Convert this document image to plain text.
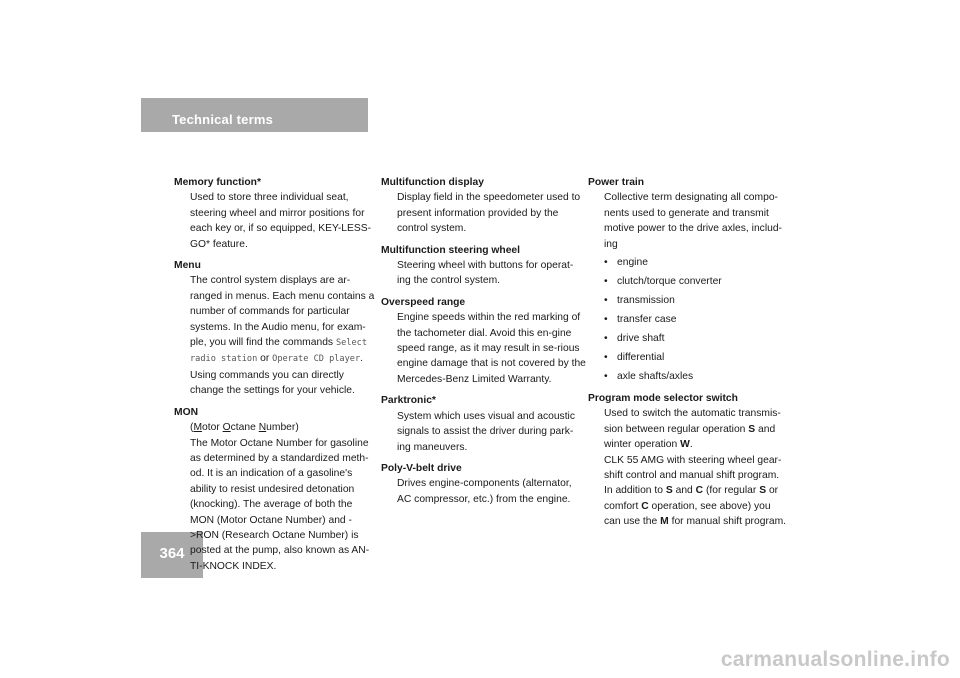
Technical terms
364

Memory function*

Used to store three individual seat, steering wheel and mirror positions for each key or, if so equipped, KEY-LESS-GO* feature.

Menu

The control system displays are ar-ranged in menus. Each menu contains a number of commands for particular systems. In the Audio menu, for exam-ple, you will find the commands Select radio station or Operate CD player.
Using commands you can directly change the settings for your vehicle.

MON

(Motor Octane Number)
The Motor Octane Number for gasoline as determined by a standardized meth-od. It is an indication of a gasoline's ability to resist undesired detonation (knocking). The average of both the MON (Motor Octane Number) and ->RON (Research Octane Number) is posted at the pump, also known as AN-TI-KNOCK INDEX.

Multifunction display

Display field in the speedometer used to present information provided by the control system.

Multifunction steering wheel

Steering wheel with buttons for operat-ing the control system.

Overspeed range

Engine speeds within the red marking of the tachometer dial. Avoid this en-gine speed range, as it may result in se-rious engine damage that is not covered by the Mercedes-Benz Limited Warranty.

Parktronic*

System which uses visual and acoustic signals to assist the driver during park-ing maneuvers.

Poly-V-belt drive

Drives engine-components (alternator, AC compressor, etc.) from the engine.

Power train

Collective term designating all compo-nents used to generate and transmit motive power to the drive axles, includ-ing

• engine
• clutch/torque converter
• transmission
• transfer case
• drive shaft
• differential
• axle shafts/axles

Program mode selector switch

Used to switch the automatic transmis-sion between regular operation S and winter operation W.
CLK 55 AMG with steering wheel gear-shift control and manual shift program. In addition to S and C (for regular S or comfort C operation, see above) you can use the M for manual shift program.

carmanualsonline.info
